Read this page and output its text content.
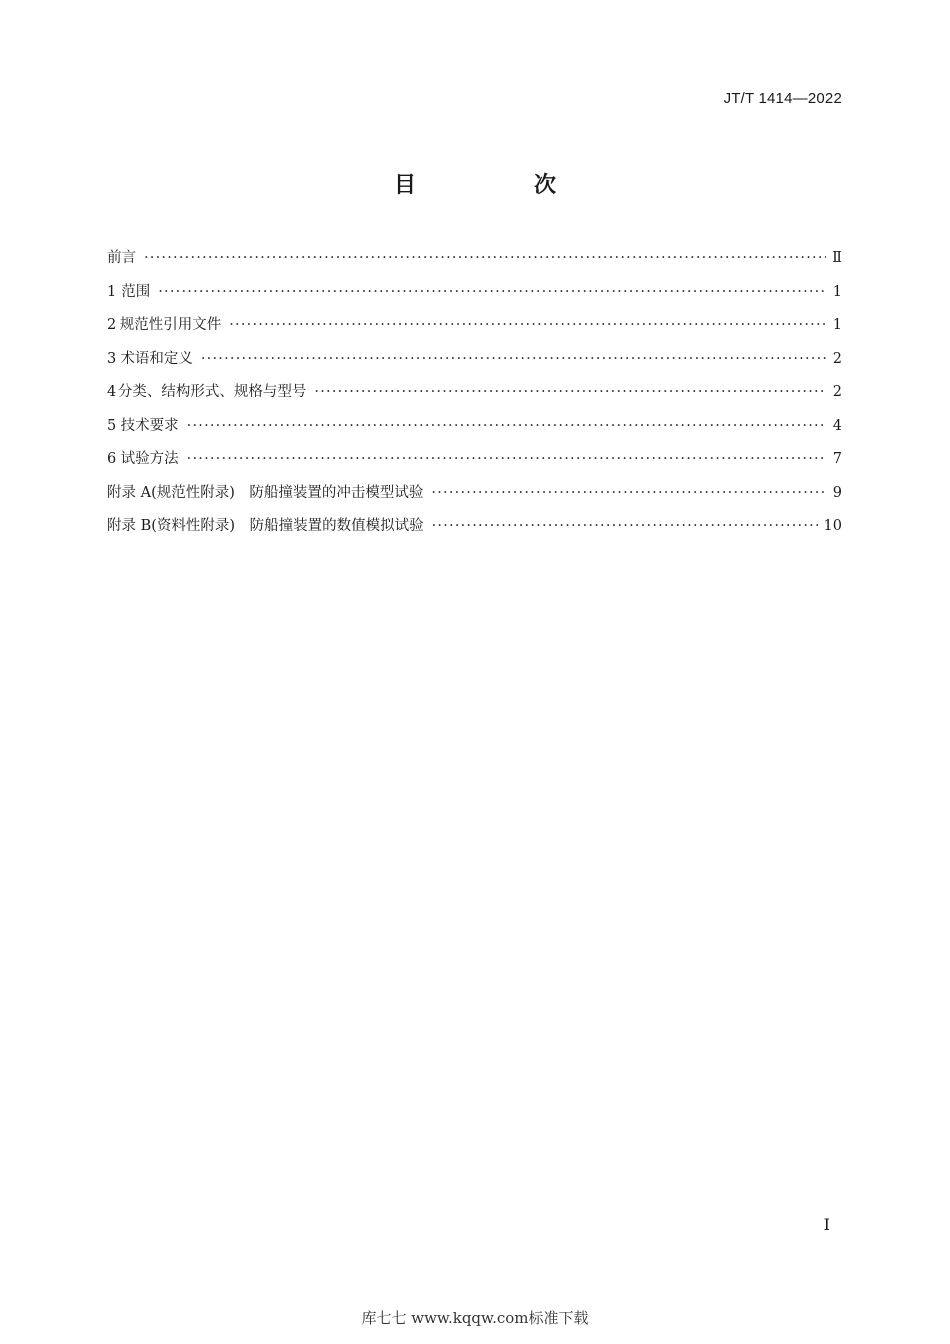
JT/T 1414—2022
目　次
前言 ·····	Ⅱ
1 范围 ·····	1
2 规范性引用文件 ·····	1
3 术语和定义 ·····	2
4 分类、结构形式、规格与型号 ·····	2
5 技术要求 ·····	4
6 试验方法 ·····	7
附录 A(规范性附录)　防船撞装置的冲击模型试验 ·····	9
附录 B(资料性附录)　防船撞装置的数值模拟试验 ·····	10
I
库七七 www.kqqw.com标准下载
